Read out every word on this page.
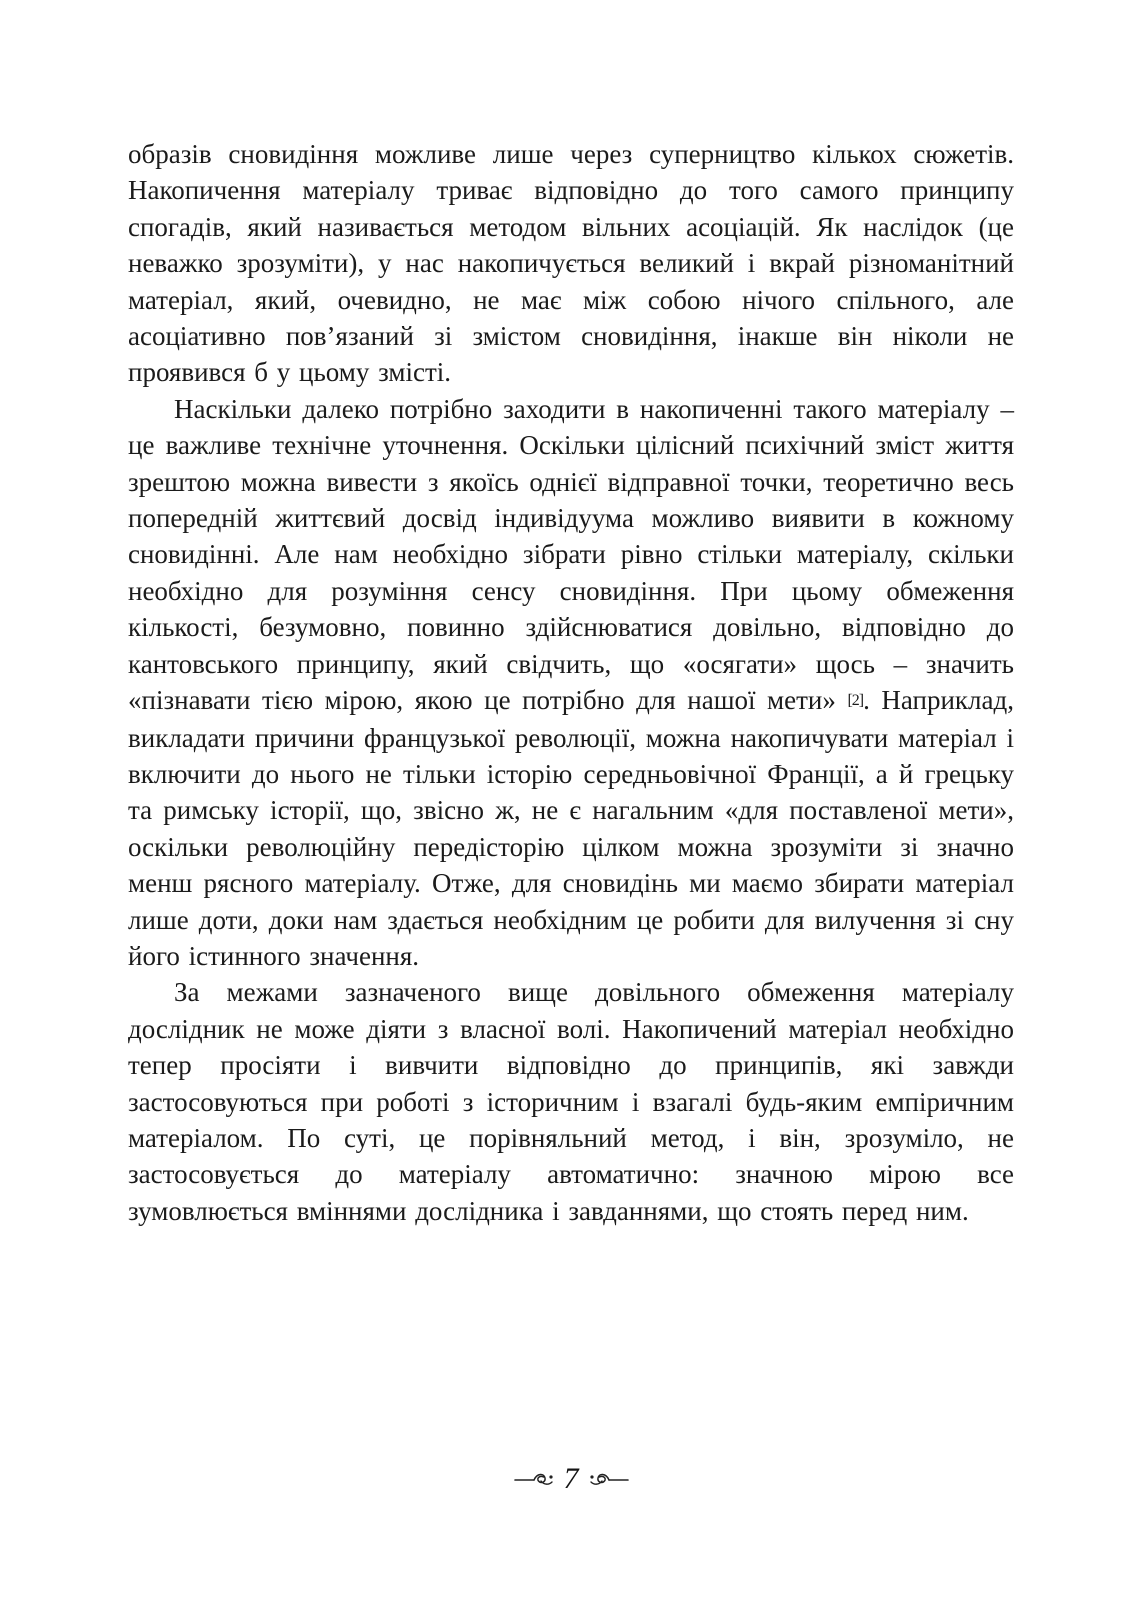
образів сновидіння можливе лише через суперництво кількох сюжетів. Накопичення матеріалу триває відповідно до того самого принципу спогадів, який називається методом вільних асоціацій. Як наслідок (це неважко зрозуміти), у нас накопичується великий і вкрай різноманітний матеріал, який, очевидно, не має між собою нічого спільного, але асоціативно пов’язаний зі змістом сновидіння, інакше він ніколи не проявився б у цьому змісті.

Наскільки далеко потрібно заходити в накопиченні такого матеріалу – це важливе технічне уточнення. Оскільки цілісний психічний зміст життя зрештою можна вивести з якоїсь однієї відправної точки, теоретично весь попередній життєвий досвід індивідуума можливо виявити в кожному сновидінні. Але нам необхідно зібрати рівно стільки матеріалу, скільки необхідно для розуміння сенсу сновидіння. При цьому обмеження кількості, безумовно, повинно здійснюватися довільно, відповідно до кантовського принципу, який свідчить, що «осягати» щось – значить «пізнавати тією мірою, якою це потрібно для нашої мети» [2]. Наприклад, викладати причини французької революції, можна накопичувати матеріал і включити до нього не тільки історію середньовічної Франції, а й грецьку та римську історії, що, звісно ж, не є нагальним «для поставленої мети», оскільки революційну передісторію цілком можна зрозуміти зі значно менш рясного матеріалу. Отже, для сновидінь ми маємо збирати матеріал лише доти, доки нам здається необхідним це робити для вилучення зі сну його істинного значення.

За межами зазначеного вище довільного обмеження матеріалу дослідник не може діяти з власної волі. Накопичений матеріал необхідно тепер просіяти і вивчити відповідно до принципів, які завжди застосовуються при роботі з історичним і взагалі будь-яким емпіричним матеріалом. По суті, це порівняльний метод, і він, зрозуміло, не застосовується до матеріалу автоматично: значною мірою все зумовлюється вміннями дослідника і завданнями, що стоять перед ним.

7
